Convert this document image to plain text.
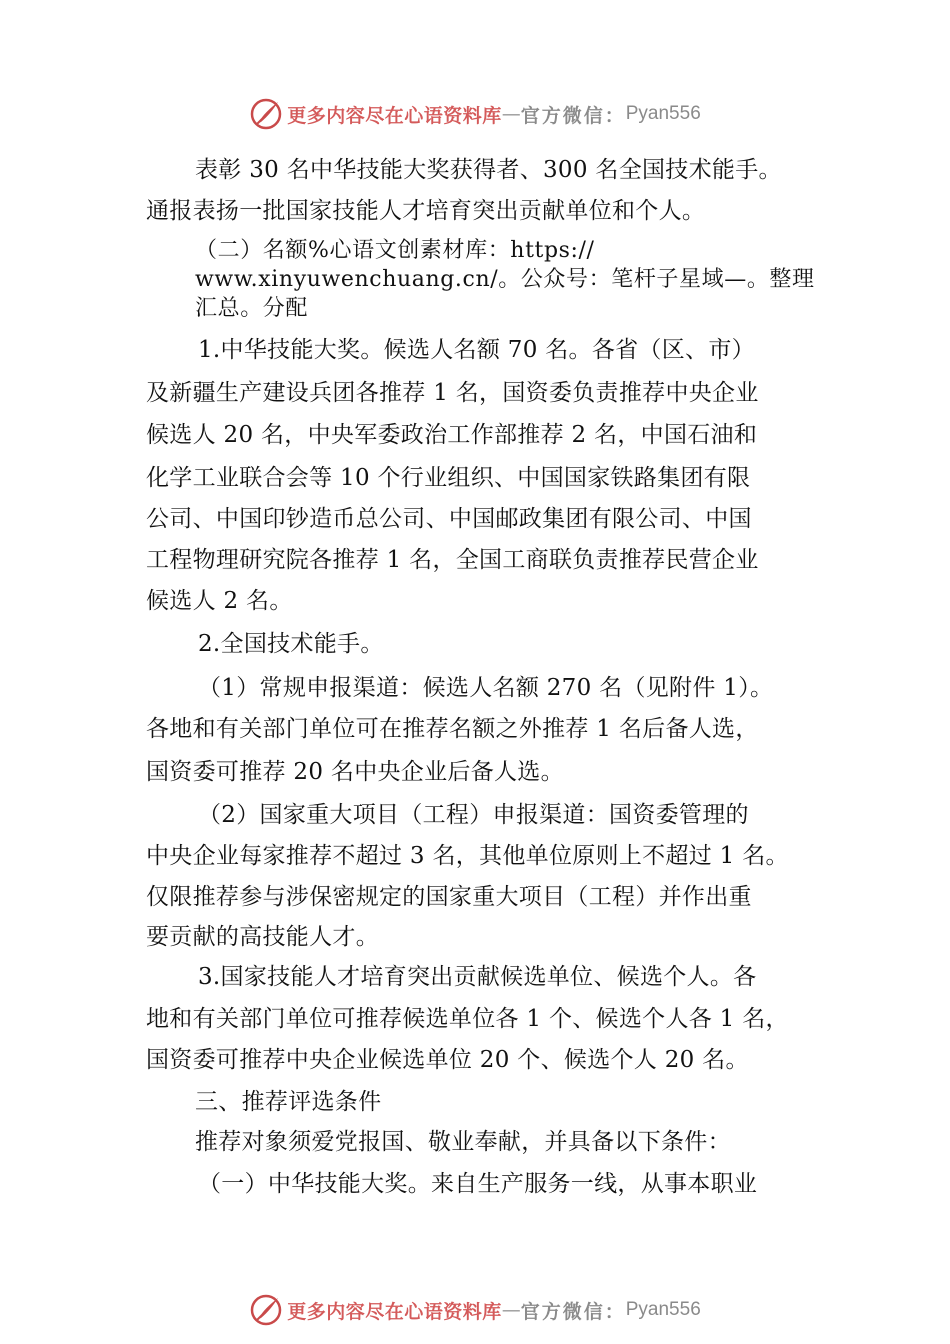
更多内容尽在心语资料库 — 官方微信： Pyan556
表彰 30 名中华技能大奖获得者、300 名全国技术能手。
通报表扬一批国家技能人才培育突出贡献单位和个人。
（二）名额%心语文创素材库：https://
www.xinyuwenchuang.cn/。公众号：笔杆子星域—。整理
汇总。分配
1.中华技能大奖。候选人名额 70 名。各省（区、市）
及新疆生产建设兵团各推荐 1 名，国资委负责推荐中央企业
候选人 20 名，中央军委政治工作部推荐 2 名，中国石油和
化学工业联合会等 10 个行业组织、中国国家铁路集团有限
公司、中国印钞造币总公司、中国邮政集团有限公司、中国
工程物理研究院各推荐 1 名，全国工商联负责推荐民营企业
候选人 2 名。
2.全国技术能手。
（1）常规申报渠道：候选人名额 270 名（见附件 1）。
各地和有关部门单位可在推荐名额之外推荐 1 名后备人选，
国资委可推荐 20 名中央企业后备人选。
（2）国家重大项目（工程）申报渠道：国资委管理的
中央企业每家推荐不超过 3 名，其他单位原则上不超过 1 名。
仅限推荐参与涉保密规定的国家重大项目（工程）并作出重
要贡献的高技能人才。
3.国家技能人才培育突出贡献候选单位、候选个人。各
地和有关部门单位可推荐候选单位各 1 个、候选个人各 1 名，
国资委可推荐中央企业候选单位 20 个、候选个人 20 名。
三、推荐评选条件
推荐对象须爱党报国、敬业奉献，并具备以下条件：
（一）中华技能大奖。来自生产服务一线，从事本职业
更多内容尽在心语资料库 — 官方微信： Pyan556
